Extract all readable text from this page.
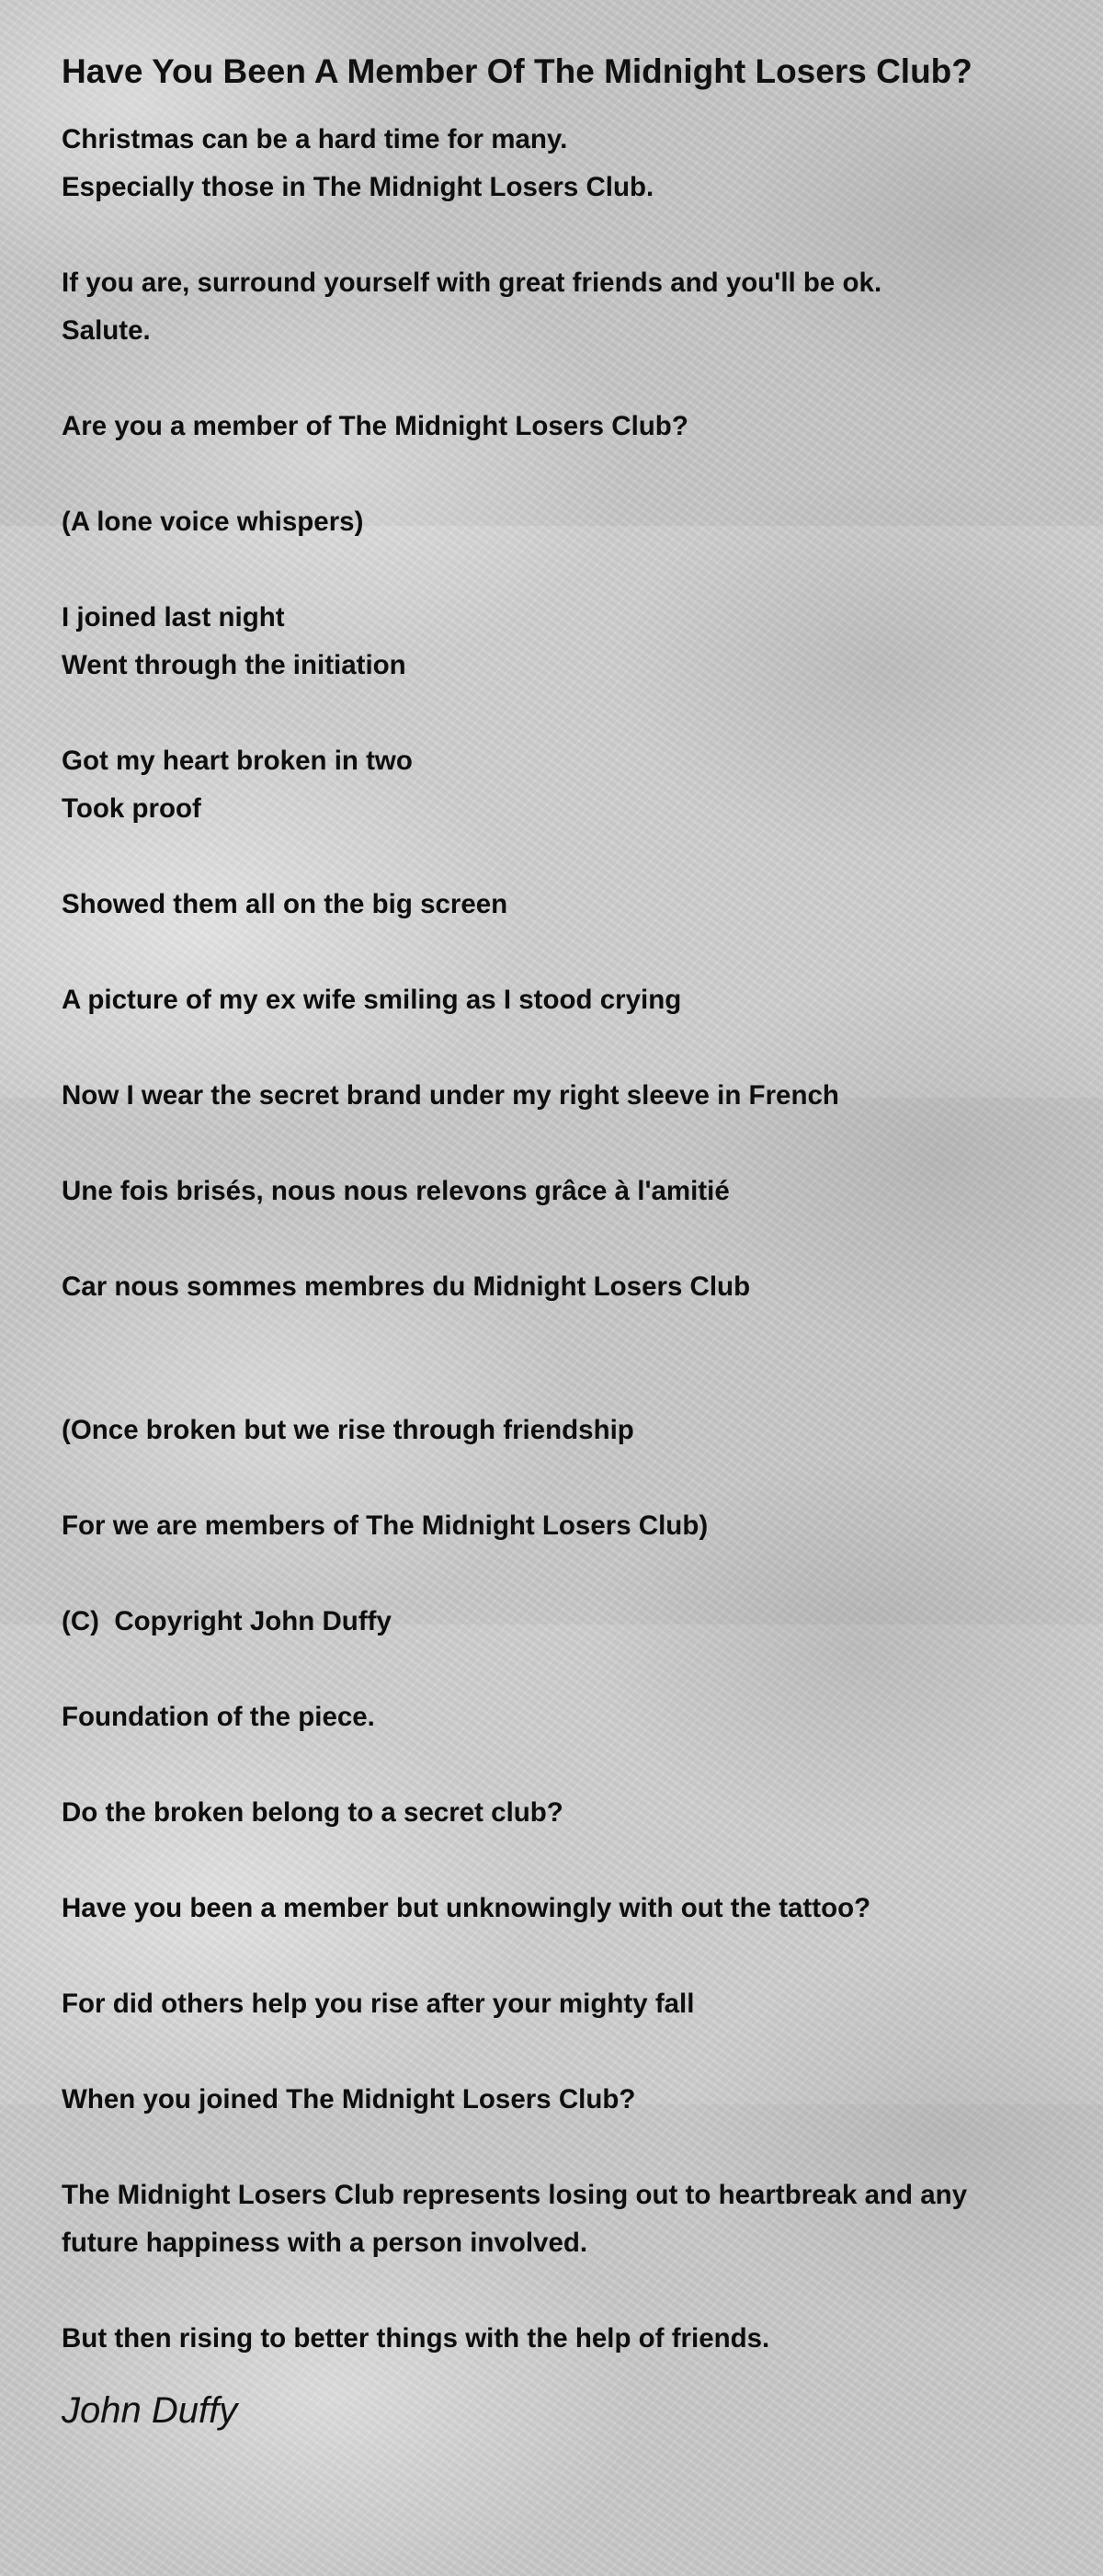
Have You Been A Member Of The Midnight Losers Club?

Christmas can be a hard time for many.
Especially those in The Midnight Losers Club.

If you are, surround yourself with great friends and you'll be ok.
Salute.

Are you a member of The Midnight Losers Club?

(A lone voice whispers)

I joined last night
Went through the initiation

Got my heart broken in two
Took proof

Showed them all on the big screen

A picture of my ex wife smiling as I stood crying

Now I wear the secret brand under my right sleeve in French

Une fois brisés, nous nous relevons grâce à l'amitié

Car nous sommes membres du Midnight Losers Club

(Once broken but we rise through friendship

For we are members of The Midnight Losers Club)

(C)  Copyright John Duffy

Foundation of the piece.

Do the broken belong to a secret club?

Have you been a member but unknowingly with out the tattoo?

For did others help you rise after your mighty fall

When you joined The Midnight Losers Club?

The Midnight Losers Club represents losing out to heartbreak and any future happiness with a person involved.

But then rising to better things with the help of friends.

John Duffy
